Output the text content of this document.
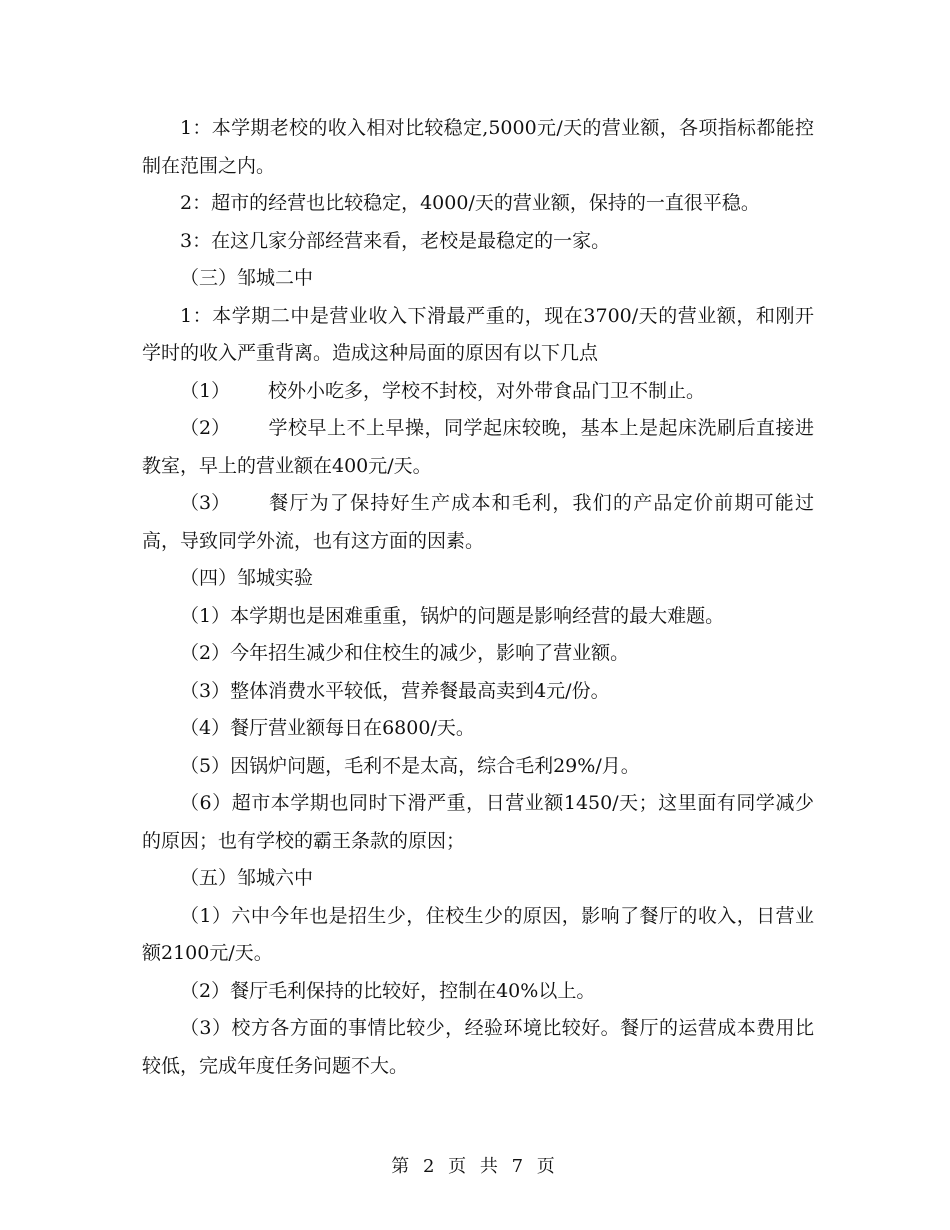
1：本学期老校的收入相对比较稳定,5000元/天的营业额，各项指标都能控制在范围之内。

2：超市的经营也比较稳定，4000/天的营业额，保持的一直很平稳。

3：在这几家分部经营来看，老校是最稳定的一家。

（三）邹城二中

1：本学期二中是营业收入下滑最严重的，现在3700/天的营业额，和刚开学时的收入严重背离。造成这种局面的原因有以下几点

（1） 校外小吃多，学校不封校，对外带食品门卫不制止。

（2） 学校早上不上早操，同学起床较晚，基本上是起床洗刷后直接进教室，早上的营业额在400元/天。

（3） 餐厅为了保持好生产成本和毛利，我们的产品定价前期可能过高，导致同学外流，也有这方面的因素。

（四）邹城实验

（1）本学期也是困难重重，锅炉的问题是影响经营的最大难题。

（2）今年招生减少和住校生的减少，影响了营业额。

（3）整体消费水平较低，营养餐最高卖到4元/份。

（4）餐厅营业额每日在6800/天。

（5）因锅炉问题，毛利不是太高，综合毛利29%/月。

（6）超市本学期也同时下滑严重，日营业额1450/天；这里面有同学减少的原因；也有学校的霸王条款的原因；

（五）邹城六中

（1）六中今年也是招生少，住校生少的原因，影响了餐厅的收入，日营业额2100元/天。

（2）餐厅毛利保持的比较好，控制在40%以上。

（3）校方各方面的事情比较少，经验环境比较好。餐厅的运营成本费用比较低，完成年度任务问题不大。

第 2 页 共 7 页
